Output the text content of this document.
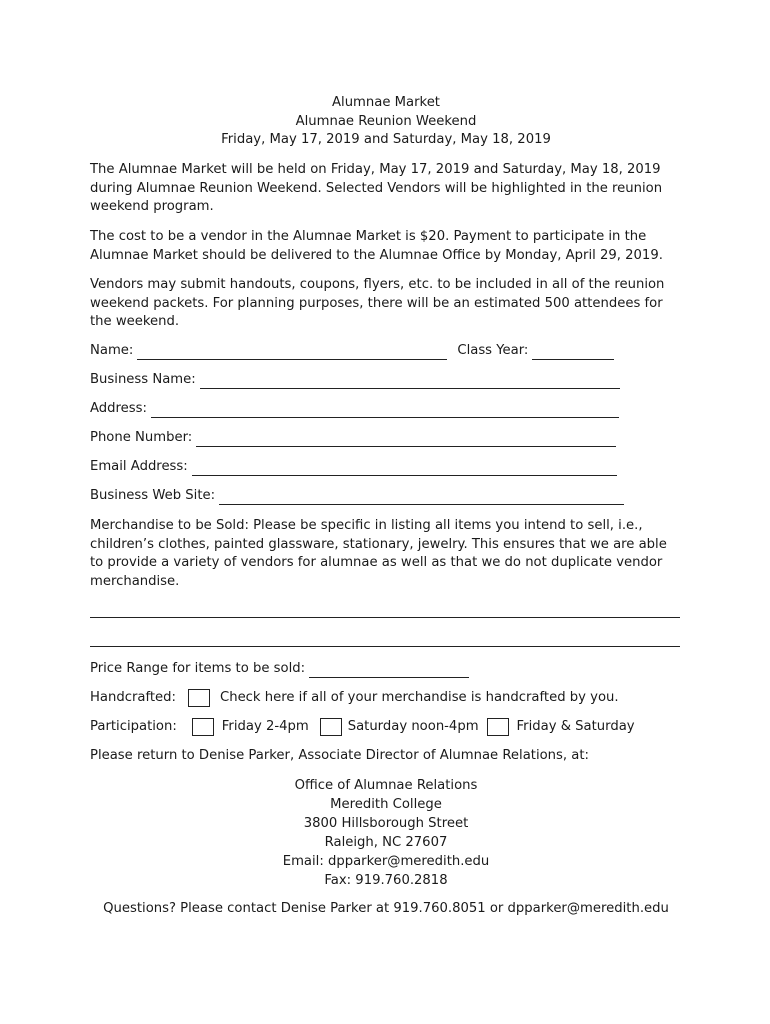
Alumnae Market
Alumnae Reunion Weekend
Friday, May 17, 2019 and Saturday, May 18, 2019

The Alumnae Market will be held on Friday, May 17, 2019 and Saturday, May 18, 2019 during Alumnae Reunion Weekend. Selected Vendors will be highlighted in the reunion weekend program.

The cost to be a vendor in the Alumnae Market is $20. Payment to participate in the Alumnae Market should be delivered to the Alumnae Office by Monday, April 29, 2019.

Vendors may submit handouts, coupons, flyers, etc. to be included in all of the reunion weekend packets. For planning purposes, there will be an estimated 500 attendees for the weekend.

Name:	Class Year:
Business Name:
Address:
Phone Number:
Email Address:
Business Web Site:

Merchandise to be Sold: Please be specific in listing all items you intend to sell, i.e., children’s clothes, painted glassware, stationary, jewelry. This ensures that we are able to provide a variety of vendors for alumnae as well as that we do not duplicate vendor merchandise.

Price Range for items to be sold:
Handcrafted:	Check here if all of your merchandise is handcrafted by you.
Participation:	Friday 2-4pm	Saturday noon-4pm	Friday & Saturday
Please return to Denise Parker, Associate Director of Alumnae Relations, at:
Office of Alumnae Relations
Meredith College
3800 Hillsborough Street
Raleigh, NC 27607
Email: dpparker@meredith.edu
Fax: 919.760.2818
Questions? Please contact Denise Parker at 919.760.8051 or dpparker@meredith.edu
